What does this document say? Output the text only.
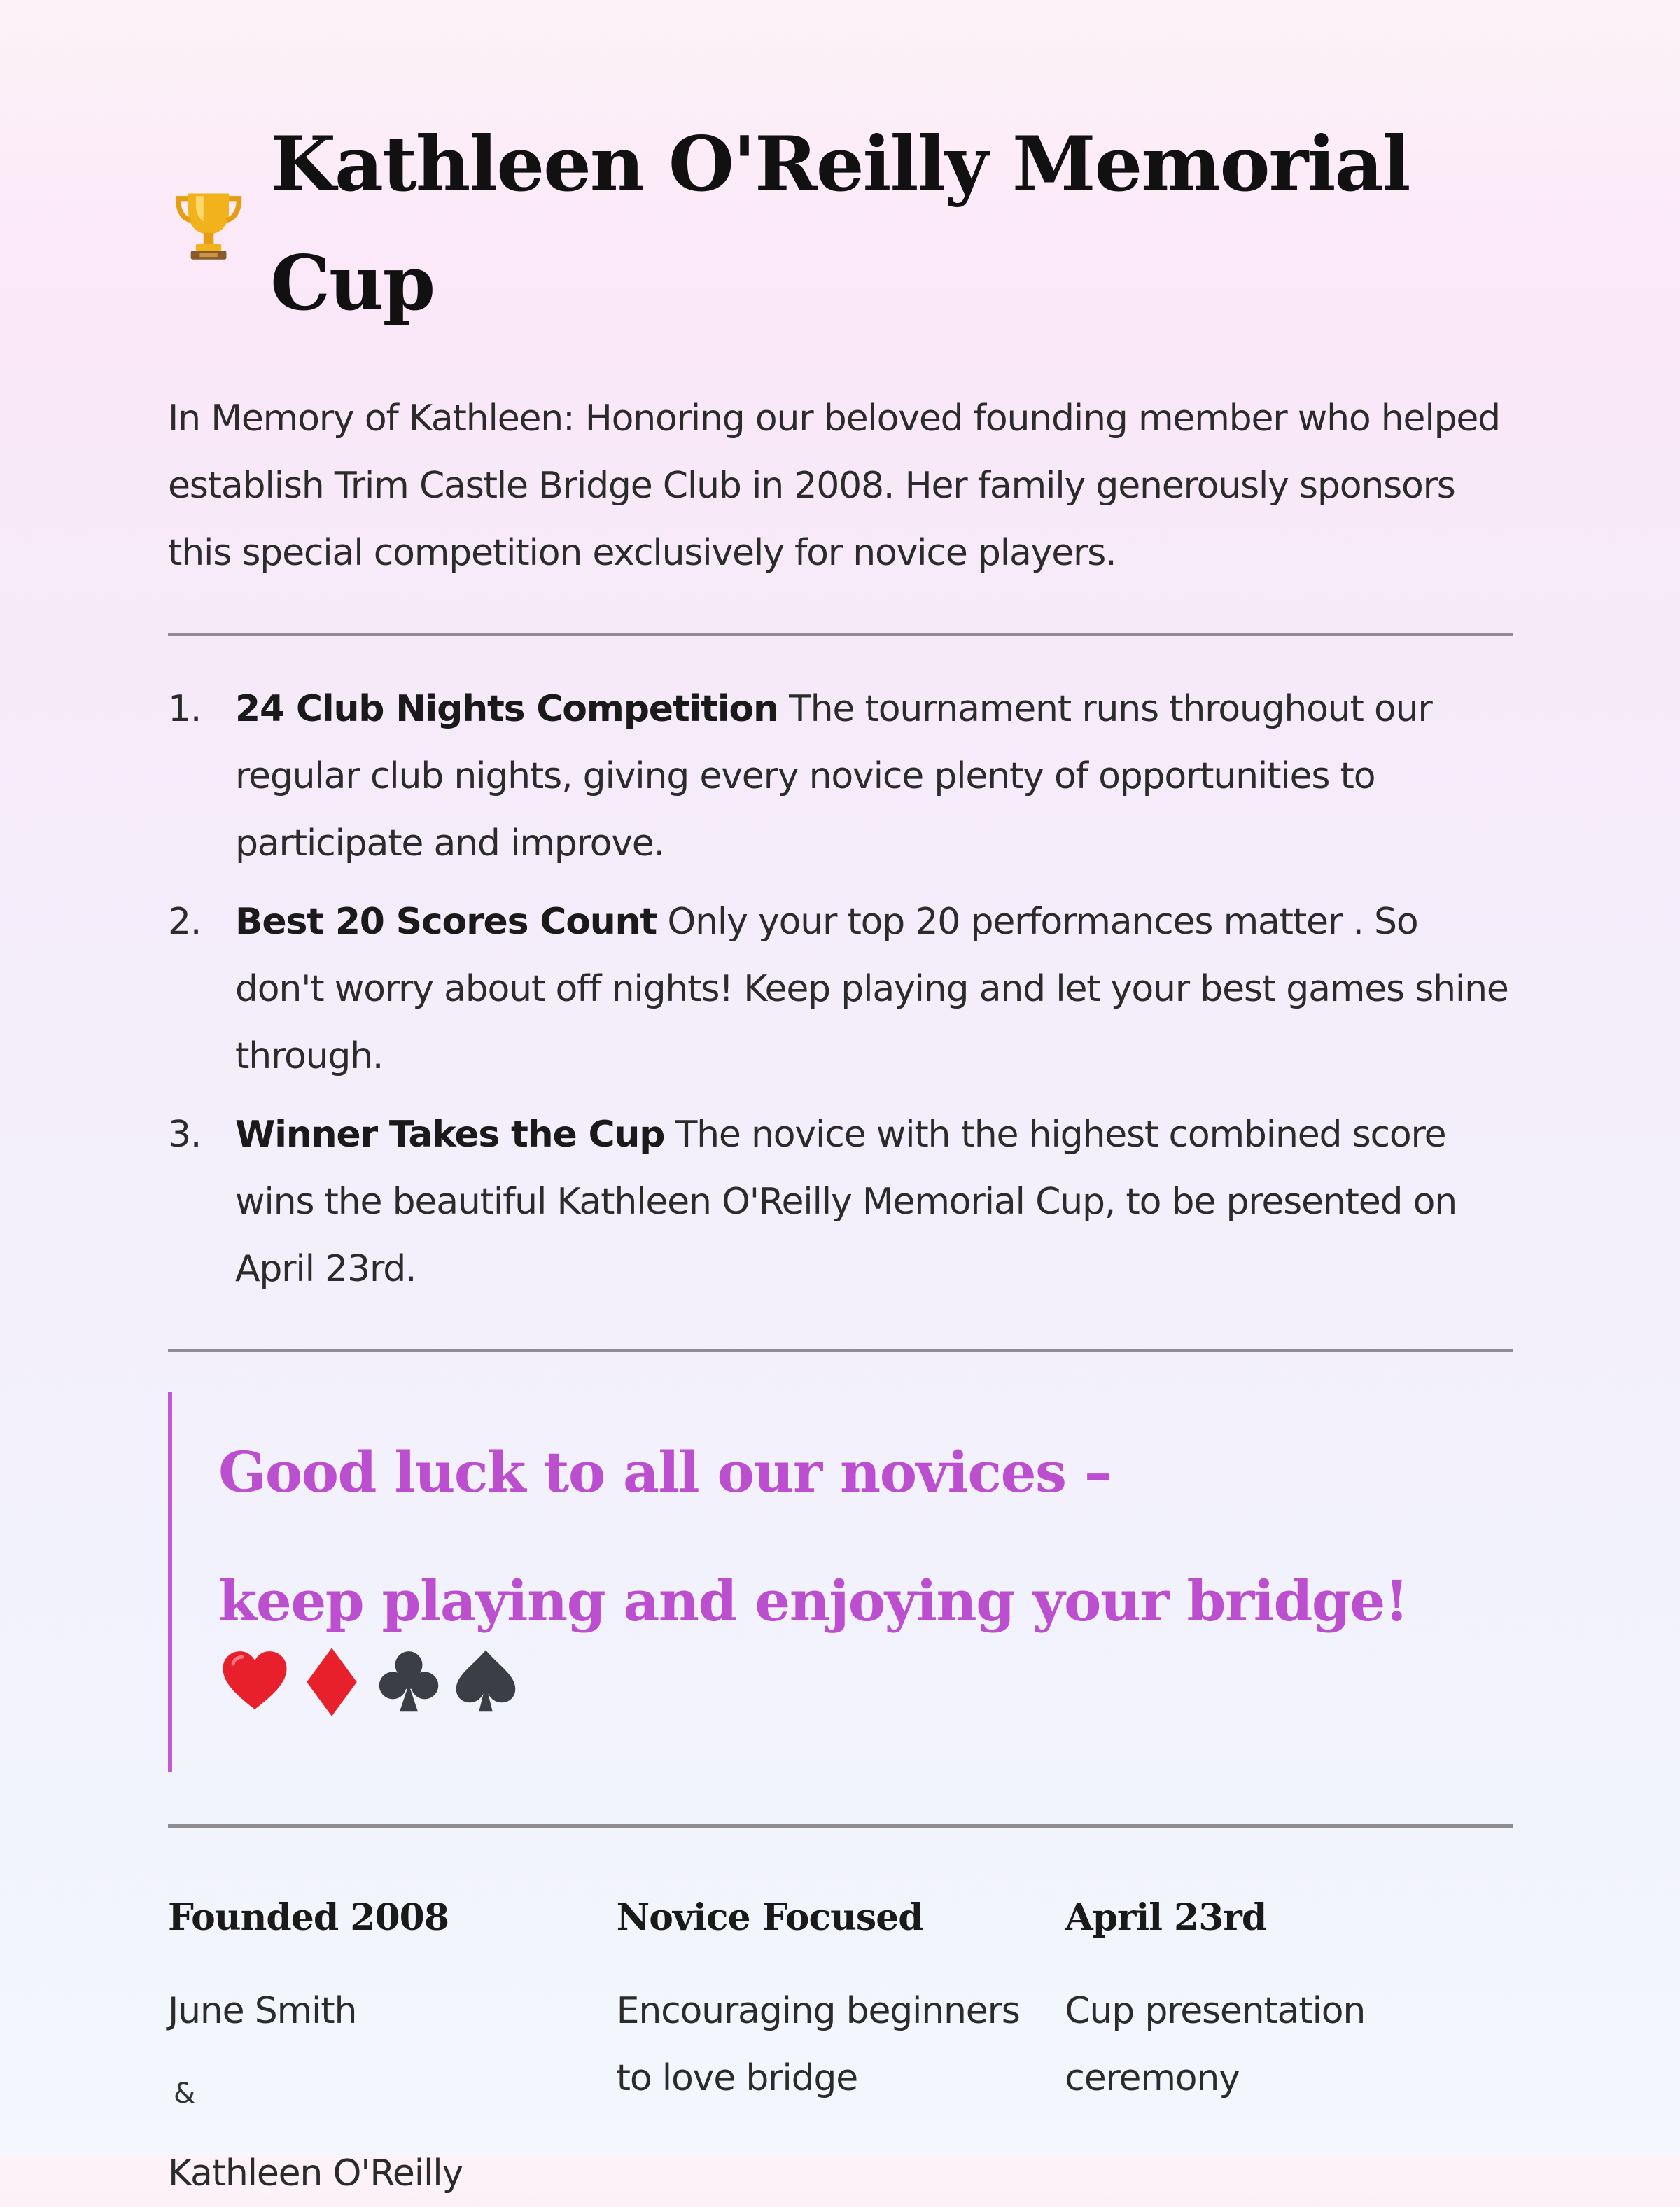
Kathleen O'Reilly Memorial Cup

In Memory of Kathleen: Honoring our beloved founding member who helped establish Trim Castle Bridge Club in 2008. Her family generously sponsors this special competition exclusively for novice players.

1. 24 Club Nights Competition The tournament runs throughout our regular club nights, giving every novice plenty of opportunities to participate and improve.
2. Best 20 Scores Count Only your top 20 performances matter . So don't worry about off nights! Keep playing and let your best games shine through.
3. Winner Takes the Cup The novice with the highest combined score wins the beautiful Kathleen O'Reilly Memorial Cup, to be presented on April 23rd.
Good luck to all our novices –
keep playing and enjoying your bridge!
Founded 2008
June Smith
&
Kathleen O'Reilly
Novice Focused
Encouraging beginners to love bridge
April 23rd
Cup presentation ceremony
